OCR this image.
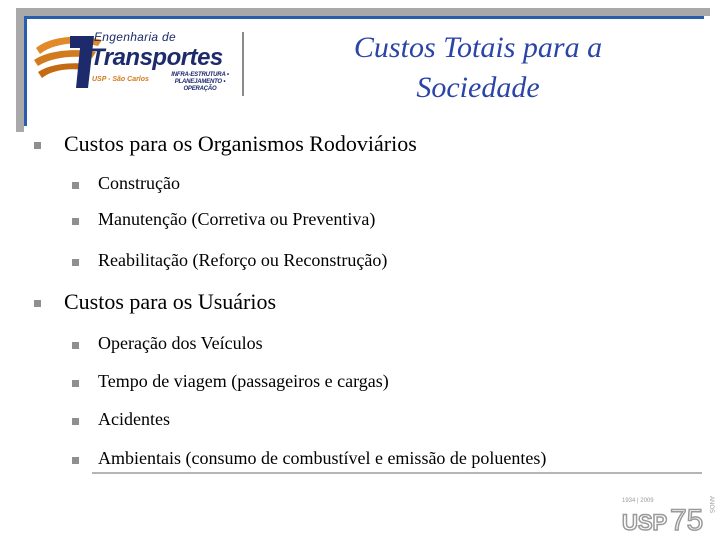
Engenharia de
Transportes
USP - São Carlos
INFRA-ESTRUTURA • PLANEJAMENTO • OPERAÇÃO
Custos Totais para a
Sociedade
Custos para os Organismos Rodoviários
Construção
Manutenção (Corretiva ou Preventiva)
Reabilitação (Reforço ou Reconstrução)
Custos para os Usuários
Operação dos Veículos
Tempo de viagem (passageiros e cargas)
Acidentes
Ambientais (consumo de combustível e emissão de poluentes)
1934 | 2009
USP 75 ANOS
